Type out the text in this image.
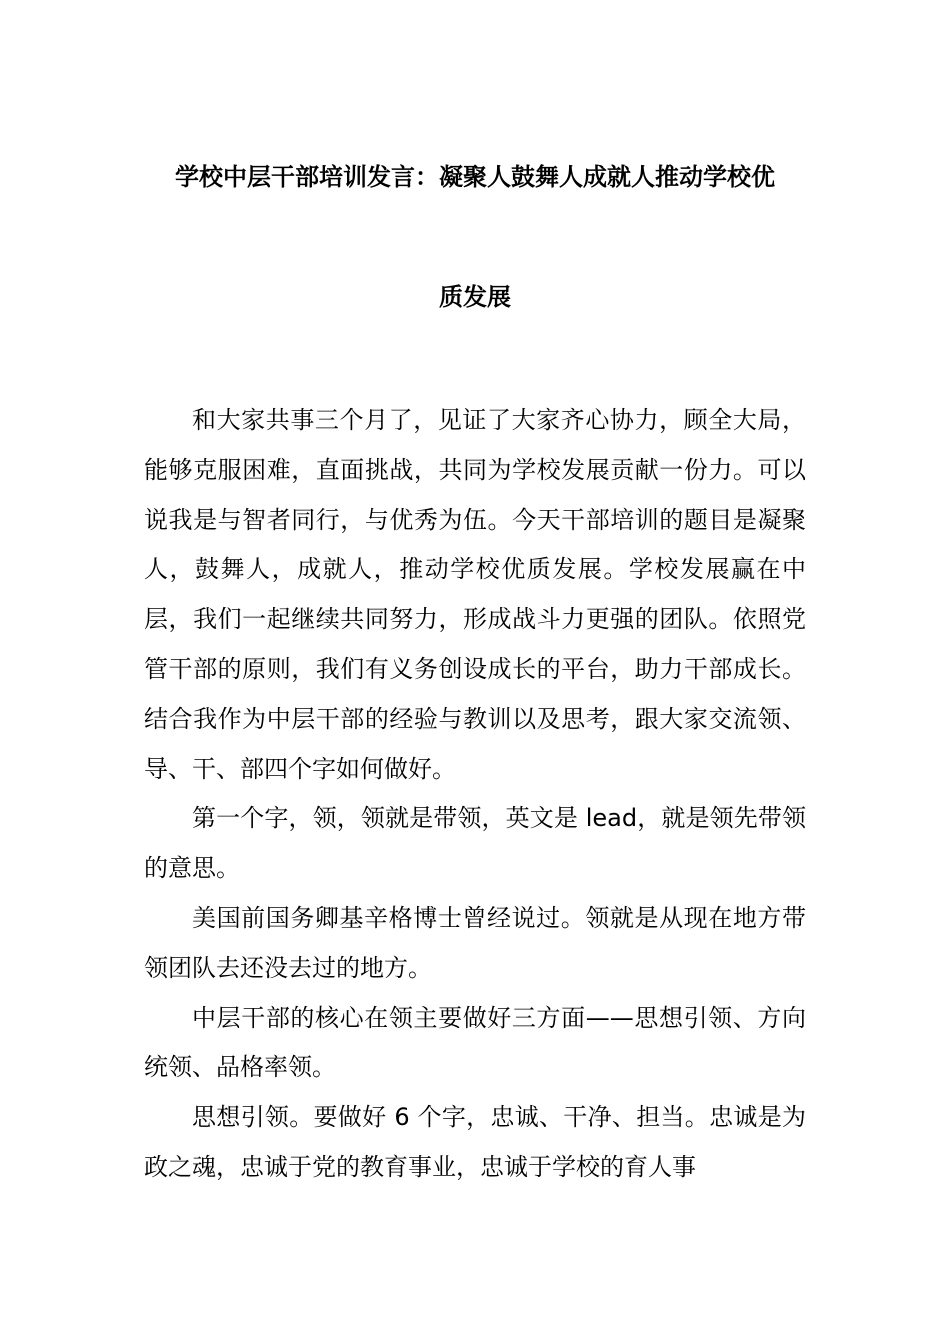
学校中层干部培训发言：凝聚人鼓舞人成就人推动学校优
质发展

和大家共事三个月了，见证了大家齐心协力，顾全大局，能够克服困难，直面挑战，共同为学校发展贡献一份力。可以说我是与智者同行，与优秀为伍。今天干部培训的题目是凝聚人，鼓舞人，成就人，推动学校优质发展。学校发展赢在中层，我们一起继续共同努力，形成战斗力更强的团队。依照党管干部的原则，我们有义务创设成长的平台，助力干部成长。结合我作为中层干部的经验与教训以及思考，跟大家交流领、导、干、部四个字如何做好。

第一个字，领，领就是带领，英文是 lead，就是领先带领的意思。

美国前国务卿基辛格博士曾经说过。领就是从现在地方带领团队去还没去过的地方。

中层干部的核心在领主要做好三方面——思想引领、方向统领、品格率领。

思想引领。要做好 6 个字，忠诚、干净、担当。忠诚是为政之魂，忠诚于党的教育事业，忠诚于学校的育人事
